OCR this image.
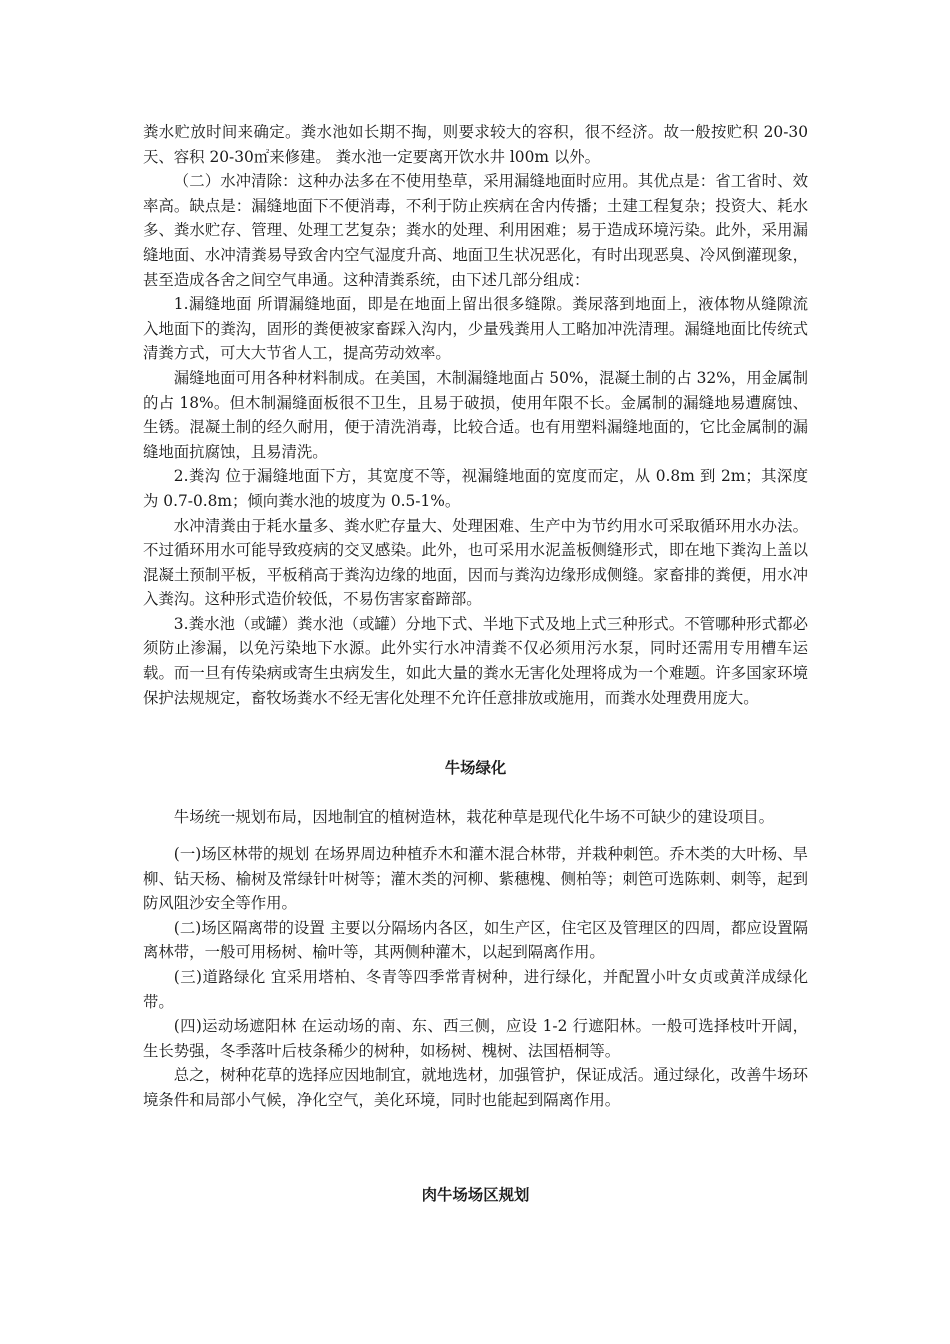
粪水贮放时间来确定。粪水池如长期不掏，则要求较大的容积，很不经济。故一般按贮积 20-30 天、容积 20-30㎡来修建。 粪水池一定要离开饮水井 l00m 以外。

（二）水冲清除：这种办法多在不使用垫草，采用漏缝地面时应用。其优点是：省工省时、效率高。缺点是：漏缝地面下不便消毒，不利于防止疾病在舍内传播；土建工程复杂；投资大、耗水多、粪水贮存、管理、处理工艺复杂；粪水的处理、利用困难；易于造成环境污染。此外，采用漏缝地面、水冲清粪易导致舍内空气湿度升高、地面卫生状况恶化，有时出现恶臭、冷风倒灌现象，甚至造成各舍之间空气串通。这种清粪系统，由下述几部分组成：

1.漏缝地面 所谓漏缝地面，即是在地面上留出很多缝隙。粪尿落到地面上，液体物从缝隙流入地面下的粪沟，固形的粪便被家畜踩入沟内，少量残粪用人工略加冲洗清理。漏缝地面比传统式清粪方式，可大大节省人工，提高劳动效率。

漏缝地面可用各种材料制成。在美国，木制漏缝地面占 50%，混凝土制的占 32%，用金属制的占 18%。但木制漏缝面板很不卫生，且易于破损，使用年限不长。金属制的漏缝地易遭腐蚀、生锈。混凝土制的经久耐用，便于清洗消毒，比较合适。也有用塑料漏缝地面的，它比金属制的漏缝地面抗腐蚀，且易清洗。

2.粪沟 位于漏缝地面下方，其宽度不等，视漏缝地面的宽度而定，从 0.8m 到 2m；其深度为 0.7-0.8m；倾向粪水池的坡度为 0.5-1%。

水冲清粪由于耗水量多、粪水贮存量大、处理困难、生产中为节约用水可采取循环用水办法。不过循环用水可能导致疫病的交叉感染。此外，也可采用水泥盖板侧缝形式，即在地下粪沟上盖以混凝土预制平板，平板稍高于粪沟边缘的地面，因而与粪沟边缘形成侧缝。家畜排的粪便，用水冲入粪沟。这种形式造价较低，不易伤害家畜蹄部。

3.粪水池（或罐）粪水池（或罐）分地下式、半地下式及地上式三种形式。不管哪种形式都必须防止渗漏，以免污染地下水源。此外实行水冲清粪不仅必须用污水泵，同时还需用专用槽车运载。而一旦有传染病或寄生虫病发生，如此大量的粪水无害化处理将成为一个难题。许多国家环境保护法规规定，畜牧场粪水不经无害化处理不允许任意排放或施用，而粪水处理费用庞大。

牛场绿化

牛场统一规划布局，因地制宜的植树造林，栽花种草是现代化牛场不可缺少的建设项目。

(一)场区林带的规划 在场界周边种植乔木和灌木混合林带，并栽种刺笆。乔木类的大叶杨、旱柳、钻天杨、榆树及常绿针叶树等；灌木类的河柳、紫穗槐、侧柏等；刺笆可选陈刺、刺等，起到防风阻沙安全等作用。

(二)场区隔离带的设置 主要以分隔场内各区，如生产区，住宅区及管理区的四周，都应设置隔离林带，一般可用杨树、榆叶等，其两侧种灌木，以起到隔离作用。

(三)道路绿化 宜采用塔柏、冬青等四季常青树种，进行绿化，并配置小叶女贞或黄洋成绿化带。

(四)运动场遮阳林 在运动场的南、东、西三侧，应设 1-2 行遮阳林。一般可选择枝叶开阔，生长势强，冬季落叶后枝条稀少的树种，如杨树、槐树、法国梧桐等。

总之，树种花草的选择应因地制宜，就地选材，加强管护，保证成活。通过绿化，改善牛场环境条件和局部小气候，净化空气，美化环境，同时也能起到隔离作用。

肉牛场场区规划
